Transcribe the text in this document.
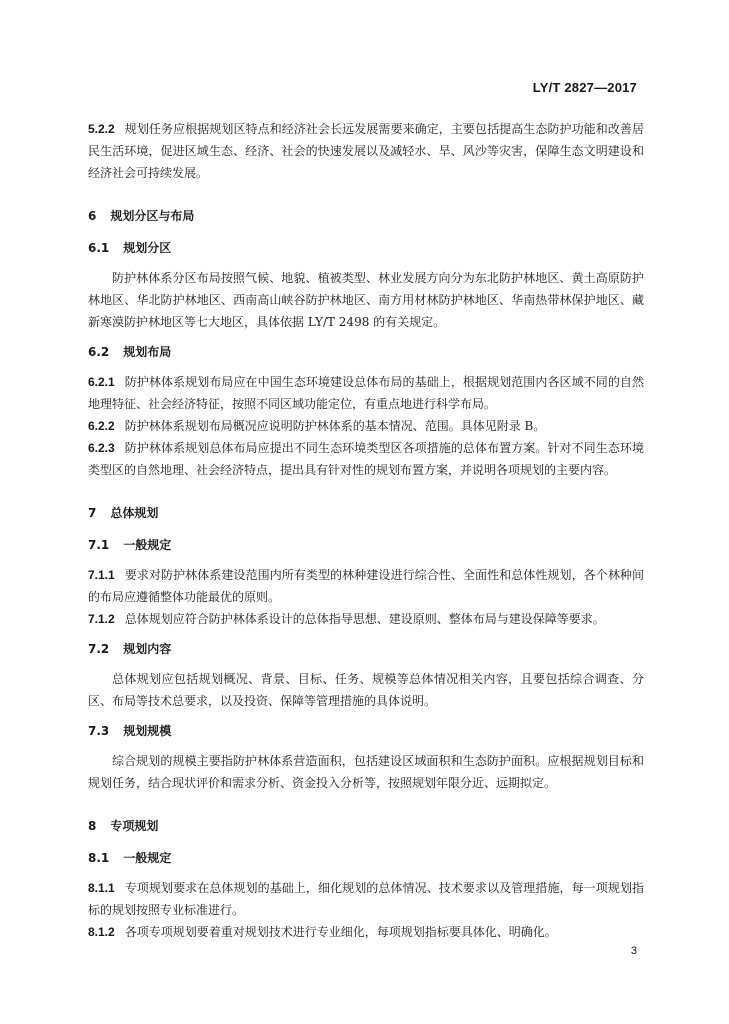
LY/T 2827—2017

5.2.2 规划任务应根据规划区特点和经济社会长远发展需要来确定，主要包括提高生态防护功能和改善居民生活环境，促进区域生态、经济、社会的快速发展以及减轻水、旱、风沙等灾害，保障生态文明建设和经济社会可持续发展。

6 规划分区与布局

6.1 规划分区

防护林体系分区布局按照气候、地貌、植被类型、林业发展方向分为东北防护林地区、黄土高原防护林地区、华北防护林地区、西南高山峡谷防护林地区、南方用材林防护林地区、华南热带林保护地区、藏新寒漠防护林地区等七大地区，具体依据 LY/T 2498 的有关规定。

6.2 规划布局

6.2.1 防护林体系规划布局应在中国生态环境建设总体布局的基础上，根据规划范围内各区域不同的自然地理特征、社会经济特征，按照不同区域功能定位，有重点地进行科学布局。

6.2.2 防护林体系规划布局概况应说明防护林体系的基本情况、范围。具体见附录 B。

6.2.3 防护林体系规划总体布局应提出不同生态环境类型区各项措施的总体布置方案。针对不同生态环境类型区的自然地理、社会经济特点，提出具有针对性的规划布置方案，并说明各项规划的主要内容。

7 总体规划

7.1 一般规定

7.1.1 要求对防护林体系建设范围内所有类型的林种建设进行综合性、全面性和总体性规划，各个林种间的布局应遵循整体功能最优的原则。

7.1.2 总体规划应符合防护林体系设计的总体指导思想、建设原则、整体布局与建设保障等要求。

7.2 规划内容

总体规划应包括规划概况、背景、目标、任务、规模等总体情况相关内容，且要包括综合调查、分区、布局等技术总要求，以及投资、保障等管理措施的具体说明。

7.3 规划规模

综合规划的规模主要指防护林体系营造面积，包括建设区域面积和生态防护面积。应根据规划目标和规划任务，结合现状评价和需求分析、资金投入分析等，按照规划年限分近、远期拟定。

8 专项规划

8.1 一般规定

8.1.1 专项规划要求在总体规划的基础上，细化规划的总体情况、技术要求以及管理措施，每一项规划指标的规划按照专业标准进行。

8.1.2 各项专项规划要着重对规划技术进行专业细化，每项规划指标要具体化、明确化。

3
